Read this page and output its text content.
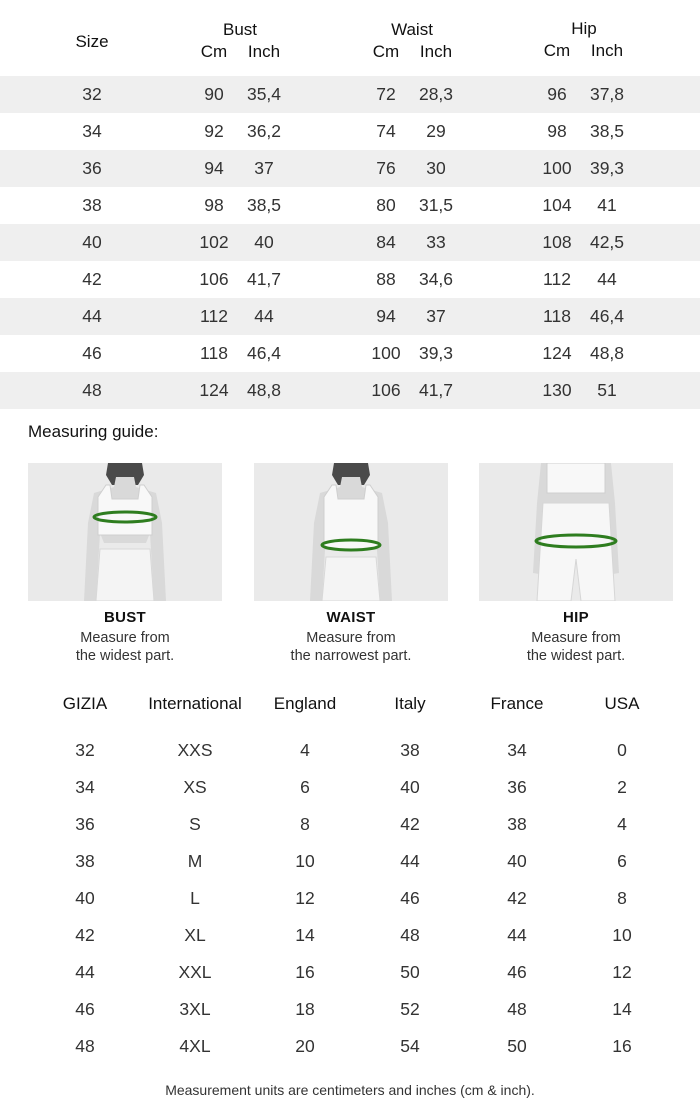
Size
Bust
Cm	Inch
Waist
Cm	Inch
Hip
Cm	Inch
32	90	35,4	72	28,3	96	37,8
34	92	36,2	74	29	98	38,5
36	94	37	76	30	100	39,3
38	98	38,5	80	31,5	104	41
40	102	40	84	33	108	42,5
42	106	41,7	88	34,6	112	44
44	112	44	94	37	118	46,4
46	118	46,4	100	39,3	124	48,8
48	124	48,8	106	41,7	130	51
Measuring guide:
BUST
Measure from
the widest part.
WAIST
Measure from
the narrowest part.
HIP
Measure from
the widest part.
GIZIA	International	England	Italy	France	USA
32	XXS	4	38	34	0
34	XS	6	40	36	2
36	S	8	42	38	4
38	M	10	44	40	6
40	L	12	46	42	8
42	XL	14	48	44	10
44	XXL	16	50	46	12
46	3XL	18	52	48	14
48	4XL	20	54	50	16
Measurement units are centimeters and inches (cm & inch).
